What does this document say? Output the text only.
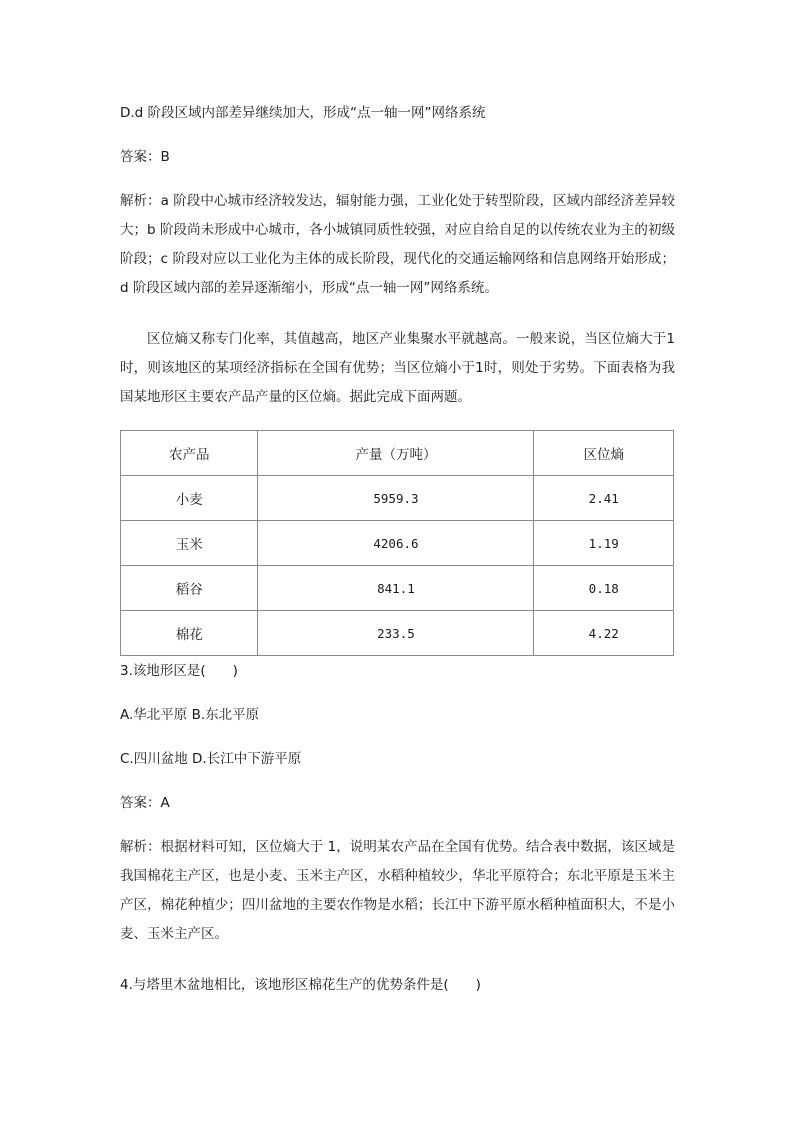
D.d 阶段区域内部差异继续加大，形成“点一轴一网”网络系统
答案：B
解析：a 阶段中心城市经济较发达，辐射能力强，工业化处于转型阶段，区域内部经济差异较大；b 阶段尚未形成中心城市，各小城镇同质性较强，对应自给自足的以传统农业为主的初级阶段；c 阶段对应以工业化为主体的成长阶段，现代化的交通运输网络和信息网络开始形成；d 阶段区域内部的差异逐渐缩小，形成“点一轴一网”网络系统。
区位熵又称专门化率，其值越高，地区产业集聚水平就越高。一般来说，当区位熵大于1时，则该地区的某项经济指标在全国有优势；当区位熵小于1时，则处于劣势。下面表格为我国某地形区主要农产品产量的区位熵。据此完成下面两题。
农产品	产量（万吨）	区位熵
小麦	5959.3	2.41
玉米	4206.6	1.19
稻谷	841.1	0.18
棉花	233.5	4.22
3.该地形区是(　　)
A.华北平原 B.东北平原
C.四川盆地 D.长江中下游平原
答案：A
解析：根据材料可知，区位熵大于 1，说明某农产品在全国有优势。结合表中数据，该区域是我国棉花主产区，也是小麦、玉米主产区，水稻种植较少，华北平原符合；东北平原是玉米主产区，棉花种植少；四川盆地的主要农作物是水稻；长江中下游平原水稻种植面积大，不是小麦、玉米主产区。
4.与塔里木盆地相比，该地形区棉花生产的优势条件是(　　)
